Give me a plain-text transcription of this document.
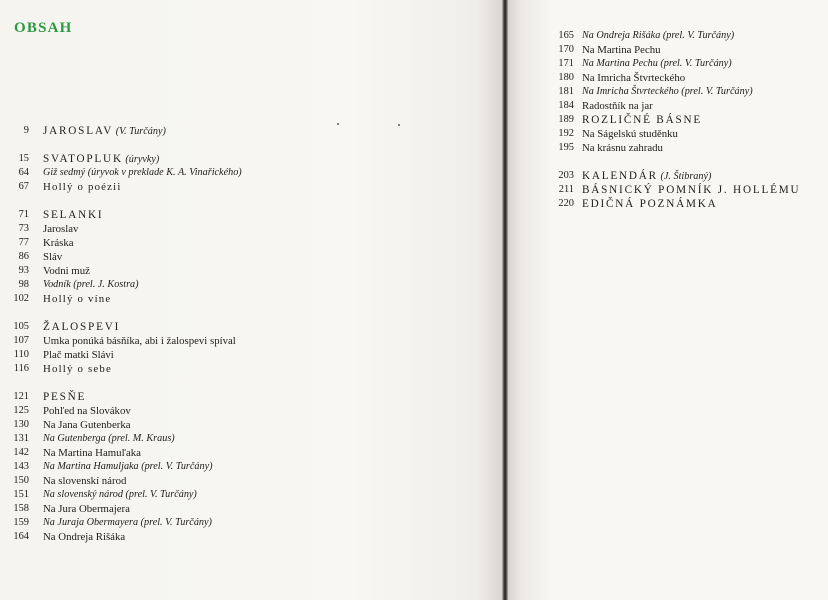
OBSAH
9 JAROSLAV (V. Turčány)
15 SVATOPLUK (úryvky)
64 Giž sedmý (úryvok v preklade K. A. Vinařického)
67 Hollý o poézii
71 SELANKI
73 Jaroslav
77 Kráska
86 Sláv
93 Vodni muž
98 Vodník (prel. J. Kostra)
102 Hollý o víne
105 ŽALOSPEVI
107 Umka ponúká básňíka, abi i žalospevi spíval
110 Plač matki Slávi
116 Hollý o sebe
121 PESŇE
125 Pohľed na Slovákov
130 Na Jana Gutenberka
131 Na Gutenberga (prel. M. Kraus)
142 Na Martina Hamuľaka
143 Na Martina Hamuljaka (prel. V. Turčány)
150 Na slovenskí národ
151 Na slovenský národ (prel. V. Turčány)
158 Na Jura Obermajera
159 Na Juraja Obermayera (prel. V. Turčány)
164 Na Ondreja Rišáka
165 Na Ondreja Rišáka (prel. V. Turčány)
170 Na Martina Pechu
171 Na Martina Pechu (prel. V. Turčány)
180 Na Imricha Štvrteckého
181 Na Imricha Štvrteckého (prel. V. Turčány)
184 Radostňík na jar
189 ROZLIČNÉ BÁSNE
192 Na Ságelskú studěnku
195 Na krásnu zahradu
203 KALENDÁR (J. Štibraný)
211 BÁSNICKÝ POMNÍK J. HOLLÉMU
220 EDIČNÁ POZNÁMKA
